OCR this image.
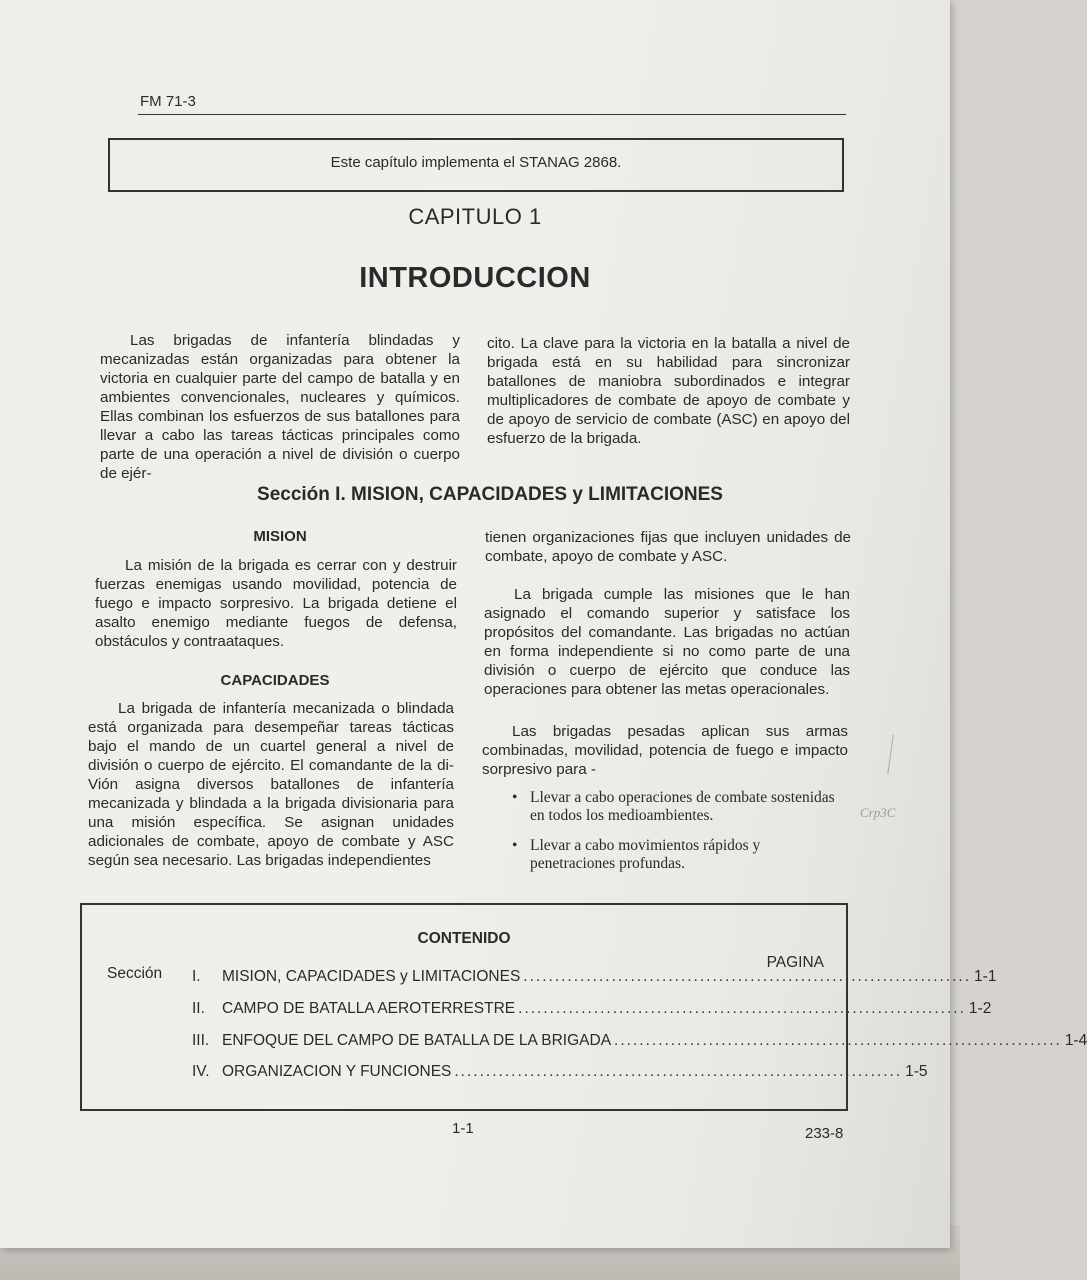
FM 71-3
Este capítulo implementa el STANAG 2868.
CAPITULO 1
INTRODUCCION

Las brigadas de infantería blindadas y mecanizadas están organizadas para obtener la victoria en cualquier parte del campo de batalla y en ambientes convencionales, nucleares y químicos. Ellas combinan los esfuerzos de sus batallones para llevar a cabo las tareas tácticas principales como parte de una operación a nivel de división o cuerpo de ejér-

cito. La clave para la victoria en la batalla a nivel de brigada está en su habilidad para sincronizar batallones de maniobra subordinados e integrar multiplicadores de combate de apoyo de combate y de apoyo de servicio de combate (ASC) en apoyo del esfuerzo de la brigada.

Sección I. MISION, CAPACIDADES y LIMITACIONES
MISION

La misión de la brigada es cerrar con y destruir fuerzas enemigas usando movilidad, potencia de fuego e impacto sorpresivo. La brigada detiene el asalto enemigo mediante fuegos de defensa, obstáculos y contraataques.

CAPACIDADES

La brigada de infantería mecanizada o blindada está organizada para desempeñar tareas tácticas bajo el mando de un cuartel general a nivel de división o cuerpo de ejército. El comandante de la di-Vión asigna diversos batallones de infantería mecanizada y blindada a la brigada divisionaria para una misión específica. Se asignan unidades adicionales de combate, apoyo de combate y ASC según sea necesario. Las brigadas independientes

tienen organizaciones fijas que incluyen unidades de combate, apoyo de combate y ASC.

La brigada cumple las misiones que le han asignado el comando superior y satisface los propósitos del comandante. Las brigadas no actúan en forma independiente si no como parte de una división o cuerpo de ejército que conduce las operaciones para obtener las metas operacionales.

Las brigadas pesadas aplican sus armas combinadas, movilidad, potencia de fuego e impacto sorpresivo para -

• Llevar a cabo operaciones de combate sostenidas en todos los medioambientes.
• Llevar a cabo movimientos rápidos y penetraciones profundas.
Crp3C
CONTENIDO
PAGINA
Sección I.	MISION, CAPACIDADES y LIMITACIONES ....................................................................... 1-1
II.	CAMPO DE BATALLA AEROTERRESTRE ....................................................................... 1-2
III. ENFOQUE DEL CAMPO DE BATALLA DE LA BRIGADA ....................................................................... 1-4
IV. ORGANIZACION Y FUNCIONES ....................................................................... 1-5
1-1	233-8
